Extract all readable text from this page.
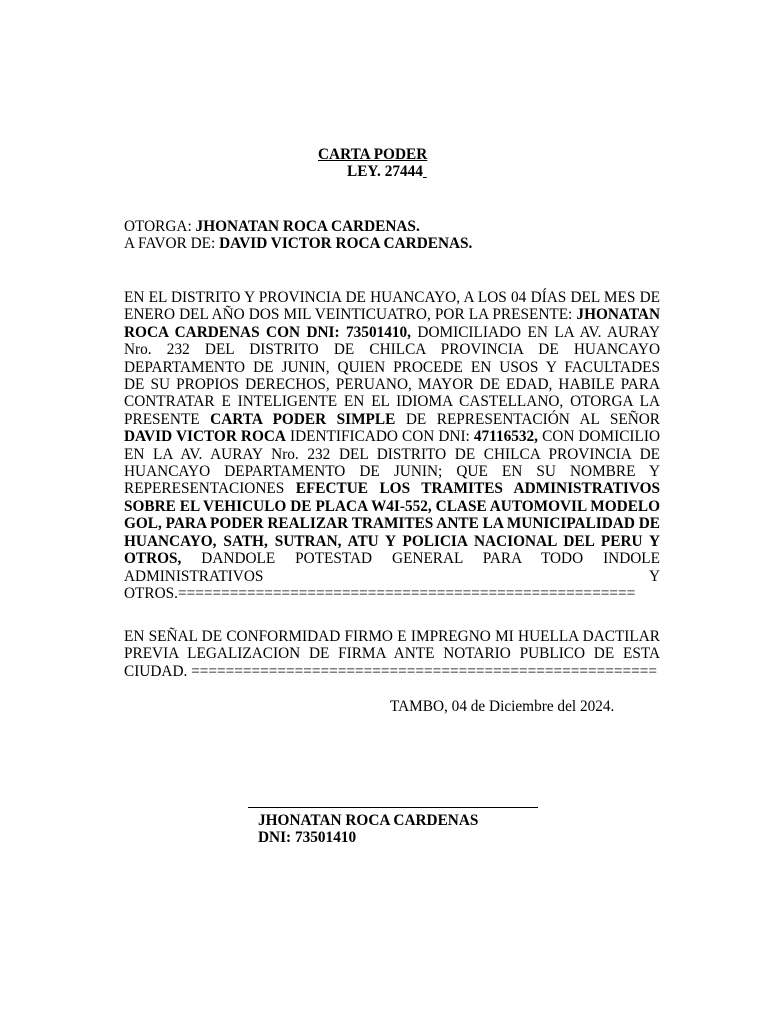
CARTA PODER
LEY. 27444
OTORGA: JHONATAN ROCA CARDENAS.
A FAVOR DE: DAVID VICTOR ROCA CARDENAS.
EN EL DISTRITO Y PROVINCIA DE HUANCAYO, A LOS 04 DÍAS DEL MES DE
ENERO DEL AÑO DOS MIL VEINTICUATRO, POR LA PRESENTE: JHONATAN
ROCA CARDENAS CON DNI: 73501410, DOMICILIADO EN LA AV. AURAY
Nro. 232 DEL DISTRITO DE CHILCA PROVINCIA DE HUANCAYO
DEPARTAMENTO DE JUNIN, QUIEN PROCEDE EN USOS Y FACULTADES
DE SU PROPIOS DERECHOS, PERUANO, MAYOR DE EDAD, HABILE PARA
CONTRATAR E INTELIGENTE EN EL IDIOMA CASTELLANO, OTORGA LA
PRESENTE CARTA PODER SIMPLE DE REPRESENTACIÓN AL SEÑOR
DAVID VICTOR ROCA IDENTIFICADO CON DNI: 47116532, CON DOMICILIO
EN LA AV. AURAY Nro. 232 DEL DISTRITO DE CHILCA PROVINCIA DE
HUANCAYO DEPARTAMENTO DE JUNIN; QUE EN SU NOMBRE Y
REPERESENTACIONES EFECTUE LOS TRAMITES ADMINISTRATIVOS
SOBRE EL VEHICULO DE PLACA W4I-552, CLASE AUTOMOVIL MODELO
GOL, PARA PODER REALIZAR TRAMITES ANTE LA MUNICIPALIDAD DE
HUANCAYO, SATH, SUTRAN, ATU Y POLICIA NACIONAL DEL PERU Y
OTROS, DANDOLE POTESTAD GENERAL PARA TODO INDOLE
ADMINISTRATIVOS Y
OTROS.=====================================================
EN SEÑAL DE CONFORMIDAD FIRMO E IMPREGNO MI HUELLA DACTILAR
PREVIA LEGALIZACION DE FIRMA ANTE NOTARIO PUBLICO DE ESTA
CIUDAD. ======================================================
TAMBO, 04 de Diciembre del 2024.
JHONATAN ROCA CARDENAS
DNI: 73501410
